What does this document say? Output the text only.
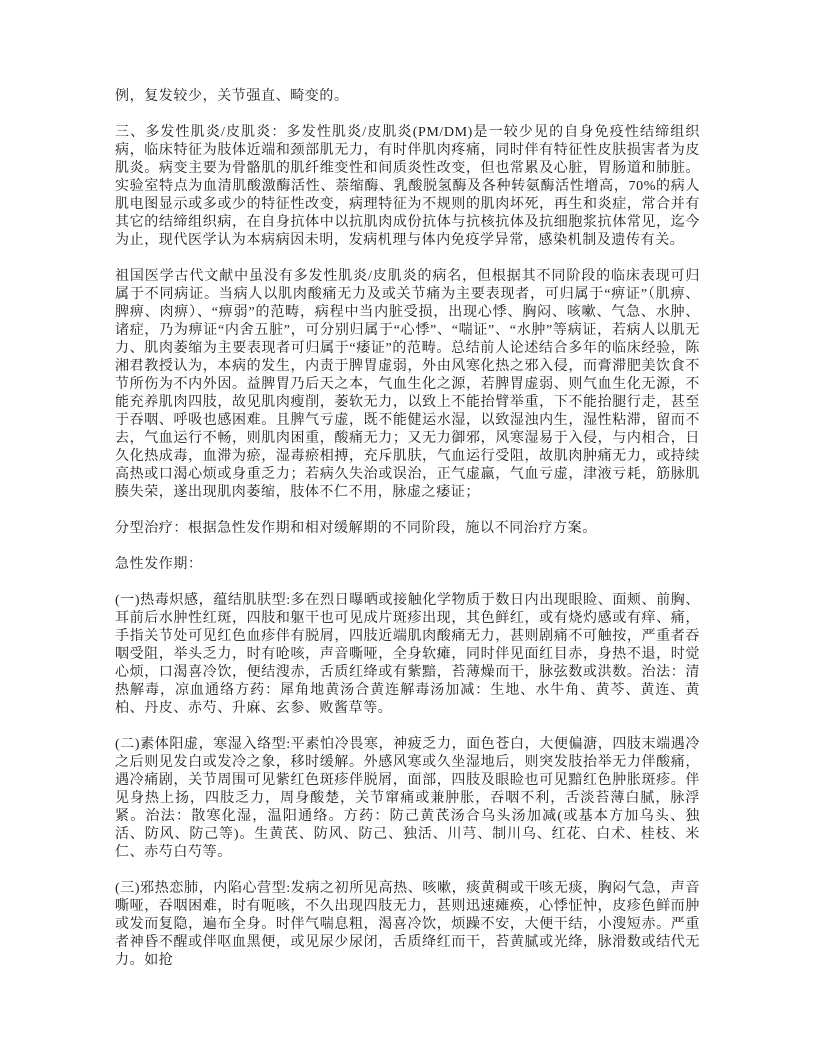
例，复发较少，关节强直、畸变的。

三、多发性肌炎/皮肌炎：多发性肌炎/皮肌炎(PM/DM)是一较少见的自身免疫性结缔组织病，临床特征为肢体近端和颈部肌无力，有时伴肌肉疼痛，同时伴有特征性皮肤损害者为皮肌炎。病变主要为骨骼肌的肌纤维变性和间质炎性改变，但也常累及心脏，胃肠道和肺脏。实验室特点为血清肌酸激酶活性、萘缩酶、乳酸脱氢酶及各种转氨酶活性增高，70%的病人肌电图显示或多或少的特征性改变，病理特征为不规则的肌肉坏死，再生和炎症，常合并有其它的结缔组织病，在自身抗体中以抗肌肉成份抗体与抗核抗体及抗细胞浆抗体常见，迄今为止，现代医学认为本病病因未明，发病机理与体内免疫学异常，感染机制及遗传有关。

祖国医学古代文献中虽没有多发性肌炎/皮肌炎的病名，但根据其不同阶段的临床表现可归属于不同病证。当病人以肌肉酸痛无力及或关节痛为主要表现者，可归属于“痹证”（肌痹、脾痹、肉痹）、“痹弱”的范畴，病程中当内脏受损，出现心悸、胸闷、咳嗽、气急、水肿、诸症，乃为痹证“内舍五脏”，可分别归属于“心悸”、“喘证”、“水肿”等病证，若病人以肌无力、肌肉萎缩为主要表现者可归属于“痿证”的范畴。总结前人论述结合多年的临床经验，陈湘君教授认为，本病的发生，内责于脾胃虚弱，外由风寒化热之邪入侵，而膏滞肥美饮食不节所伤为不内外因。益脾胃乃后天之本，气血生化之源，若脾胃虚弱、则气血生化无源，不能充养肌肉四肢，故见肌肉瘦削，萎软无力，以致上不能抬臂举重，下不能抬腿行走，甚至于吞咽、呼吸也感困难。且脾气亏虚，既不能健运水湿，以致湿浊内生，湿性粘滞，留而不去，气血运行不畅，则肌肉困重，酸痛无力；又无力御邪，风寒湿易于入侵，与内相合，日久化热成毒，血滞为瘀，湿毒瘀相搏，充斥肌肤，气血运行受阻，故肌肉肿痛无力，或持续高热或口渴心烦或身重乏力；若病久失治或误治，正气虚羸，气血亏虚，津液亏耗，筋脉肌腠失荣，遂出现肌肉萎缩，肢体不仁不用，脉虚之痿证；

分型治疗：根据急性发作期和相对缓解期的不同阶段，施以不同治疗方案。

急性发作期：

(一)热毒炽感，蕴结肌肤型:多在烈日曝晒或接触化学物质于数日内出现眼睑、面颊、前胸、耳前后水肿性红斑，四肢和躯干也可见成片斑疹出现，其色鲜红，或有烧灼感或有痒、痛，手指关节处可见红色血疹伴有脱屑，四肢近端肌肉酸痛无力，甚则剧痛不可触按，严重者吞咽受阻，举头乏力，时有呛咳，声音嘶哑，全身软瘫，同时伴见面红目赤，身热不退，时觉心烦，口渴喜冷饮，便结溲赤，舌质红绛或有紫黯，苔薄燥而干，脉弦数或洪数。治法：清热解毒，凉血通络方药：犀角地黄汤合黄连解毒汤加减：生地、水牛角、黄芩、黄连、黄柏、丹皮、赤芍、升麻、玄参、败酱草等。

(二)素体阳虚，寒湿入络型:平素怕冷畏寒，神疲乏力，面色苍白，大便偏溏，四肢末端遇冷之后则见发白或发冷之象，移时缓解。外感风寒或久坐湿地后，则突发肢抬举无力伴酸痛，遇冷痛剧，关节周围可见紫红色斑疹伴脱屑，面部，四肢及眼睑也可见黯红色肿胀斑疹。伴见身热上扬，四肢乏力，周身酸楚，关节窜痛或兼肿胀，吞咽不利，舌淡苔薄白腻，脉浮紧。治法：散寒化湿，温阳通络。方药：防己黄芪汤合乌头汤加减(或基本方加乌头、独活、防风、防己等)。生黄芪、防风、防己、独活、川芎、制川乌、红花、白术、桂枝、米仁、赤芍白芍等。

(三)邪热恋肺，内陷心营型:发病之初所见高热、咳嗽，痰黄稠或干咳无痰，胸闷气急，声音嘶哑，吞咽困难，时有呃咳，不久出现四肢无力，甚则迅速瘫痪，心悸怔忡，皮疹色鲜而肿或发而复隐，遍布全身。时伴气喘息粗，渴喜冷饮，烦躁不安，大便干结，小溲短赤。严重者神昏不醒或伴呕血黑便，或见尿少尿闭，舌质绛红而干，苔黄腻或光绛，脉滑数或结代无力。如抢
